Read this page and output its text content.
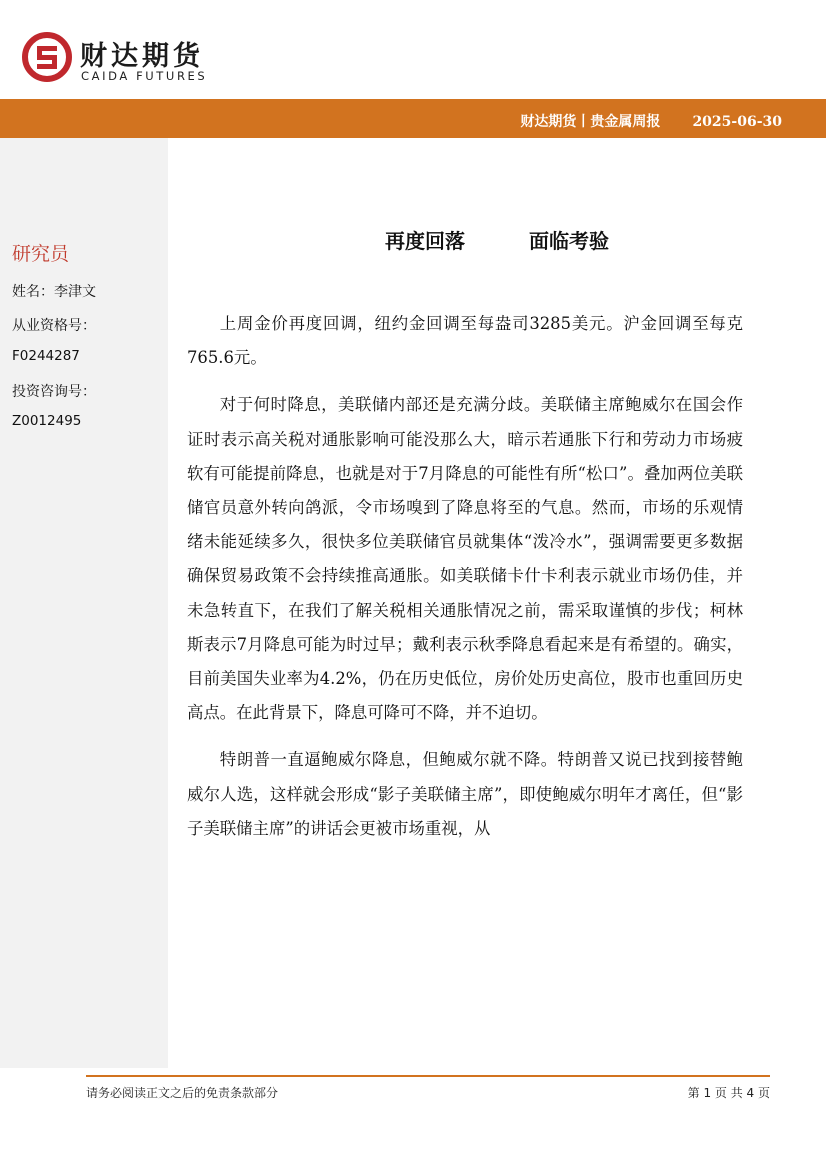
财达期货
CAIDA FUTURES
财达期货丨贵金属周报 2025-06-30
研究员
姓名：李津文
从业资格号：
F0244287
投资咨询号：
Z0012495
再度回落	面临考验

上周金价再度回调，纽约金回调至每盎司3285美元。沪金回调至每克765.6元。

对于何时降息，美联储内部还是充满分歧。美联储主席鲍威尔在国会作证时表示高关税对通胀影响可能没那么大，暗示若通胀下行和劳动力市场疲软有可能提前降息，也就是对于7月降息的可能性有所“松口”。叠加两位美联储官员意外转向鸽派，令市场嗅到了降息将至的气息。然而，市场的乐观情绪未能延续多久，很快多位美联储官员就集体“泼冷水”，强调需要更多数据确保贸易政策不会持续推高通胀。如美联储卡什卡利表示就业市场仍佳，并未急转直下，在我们了解关税相关通胀情况之前，需采取谨慎的步伐；柯林斯表示7月降息可能为时过早；戴利表示秋季降息看起来是有希望的。确实，目前美国失业率为4.2%，仍在历史低位，房价处历史高位，股市也重回历史高点。在此背景下，降息可降可不降，并不迫切。

特朗普一直逼鲍威尔降息，但鲍威尔就不降。特朗普又说已找到接替鲍威尔人选，这样就会形成“影子美联储主席”，即使鲍威尔明年才离任，但“影子美联储主席”的讲话会更被市场重视，从

请务必阅读正文之后的免责条款部分	第 1 页 共 4 页
